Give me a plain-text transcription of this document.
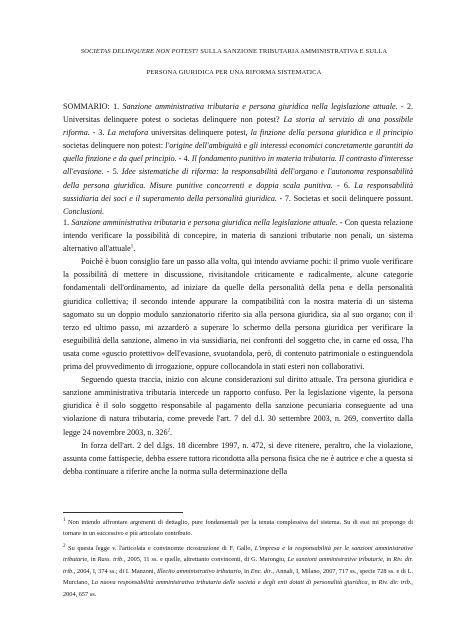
SOCIETAS DELINQUERE NON POTEST? SULLA SANZIONE TRIBUTARIA AMMINISTRATIVA E SULLA
PERSONA GIURIDICA PER UNA RIFORMA SISTEMATICA

SOMMARIO: 1. Sanzione amministrativa tributaria e persona giuridica nella legislazione attuale. - 2. Universitas delinquere potest o societas delinquere non potest? La storia al servizio di una possibile riforma. - 3. La metafora universitas delinquere potest, la finzione della persona giuridica e il principio societas delinquere non potest: l'origine dell'ambiguità e gli interessi economici concretamente garantiti da quella finzione e da quel principio. - 4. Il fondamento punitivo in materia tributaria. Il contrasto d'interesse all'evasione. - 5. Idee sistematiche di riforma: la responsabilità dell'organo e l'autonoma responsabilità della persona giuridica. Misure punitive concorrenti e doppia scala punitiva. - 6. La responsabilità sussidiaria dei soci e il superamento della personalità giuridica. - 7. Societas et socii delinquere possunt. Conclusioni.

1. Sanzione amministrativa tributaria e persona giuridica nella legislazione attuale. - Con questa relazione intendo verificare la possibilità di concepire, in materia di sanzioni tributarie non penali, un sistema alternativo all'attuale$^1$.

Poiché è buon consiglio fare un passo alla volta, qui intendo avviarne pochi: il primo vuole verificare la possibilità di mettere in discussione, rivisitandole criticamente e radicalmente, alcune categorie fondamentali dell'ordinamento, ad iniziare da quelle della personalità della pena e della personalità giuridica collettiva; il secondo intende appurare la compatibilità con la nostra materia di un sistema sagomato su un doppio modulo sanzionatorio riferito sia alla persona giuridica, sia al suo organo; con il terzo ed ultimo passo, mi azzarderò a superare lo schermo della persona giuridica per verificare la eseguibilità della sanzione, almeno in via sussidiaria, nei confronti del soggetto che, in carne ed ossa, l'ha usata come «guscio protettivo» dell'evasione, svuotandola, però, di contenuto patrimoniale o estinguendola prima del provvedimento di irrogazione, oppure collocandola in stati esteri non collaborativi.

Seguendo questa traccia, inizio con alcune considerazioni sul diritto attuale. Tra persona giuridica e sanzione amministrativa tributaria intercede un rapporto confuso. Per la legislazione vigente, la persona giuridica è il solo soggetto responsabile al pagamento della sanzione pecuniaria conseguente ad una violazione di natura tributaria, come prevede l'art. 7 del d.l. 30 settembre 2003, n. 269, convertito dalla legge 24 novembre 2003, n. $326^2$.

In forza dell'art. 2 del d.lgs. 18 dicembre 1997, n. 472, si deve ritenere, peraltro, che la violazione, assunta come fattispecie, debba essere tuttora ricondotta alla persona fisica che ne è autrice e che a questa si debba continuare a riferire anche la norma sulla determinazione della

$^1$ Non intendo affrontare argomenti di dettaglio, pure fondamentali per la tenuta complessiva del sistema. Su di essi mi propongo di tornare in un successivo e più articolato contributo.
$^2$ Su questa legge v. l'articolata e convincente ricostruzione di F. Gallo, L'impresa e la responsabilità per le sanzioni amministrative tributarie, in Rass. trib., 2005, 11 ss. e quelle, altrettanto convincenti, di G. Marongiu, Le sanzioni amministrative tributarie, in Riv. dir. trib., 2004, I, 374 ss.; di I. Manzoni, Illecito amministrativo tributario, in Enc. dir., Annali, I, Milano, 2007, 717 ss., specie 728 ss. e di L. Murciano, La nuova responsabilità amministrativa tributaria delle società e degli enti dotati di personalità giuridica, in Riv. dir. trib., 2004, 657 ss.
